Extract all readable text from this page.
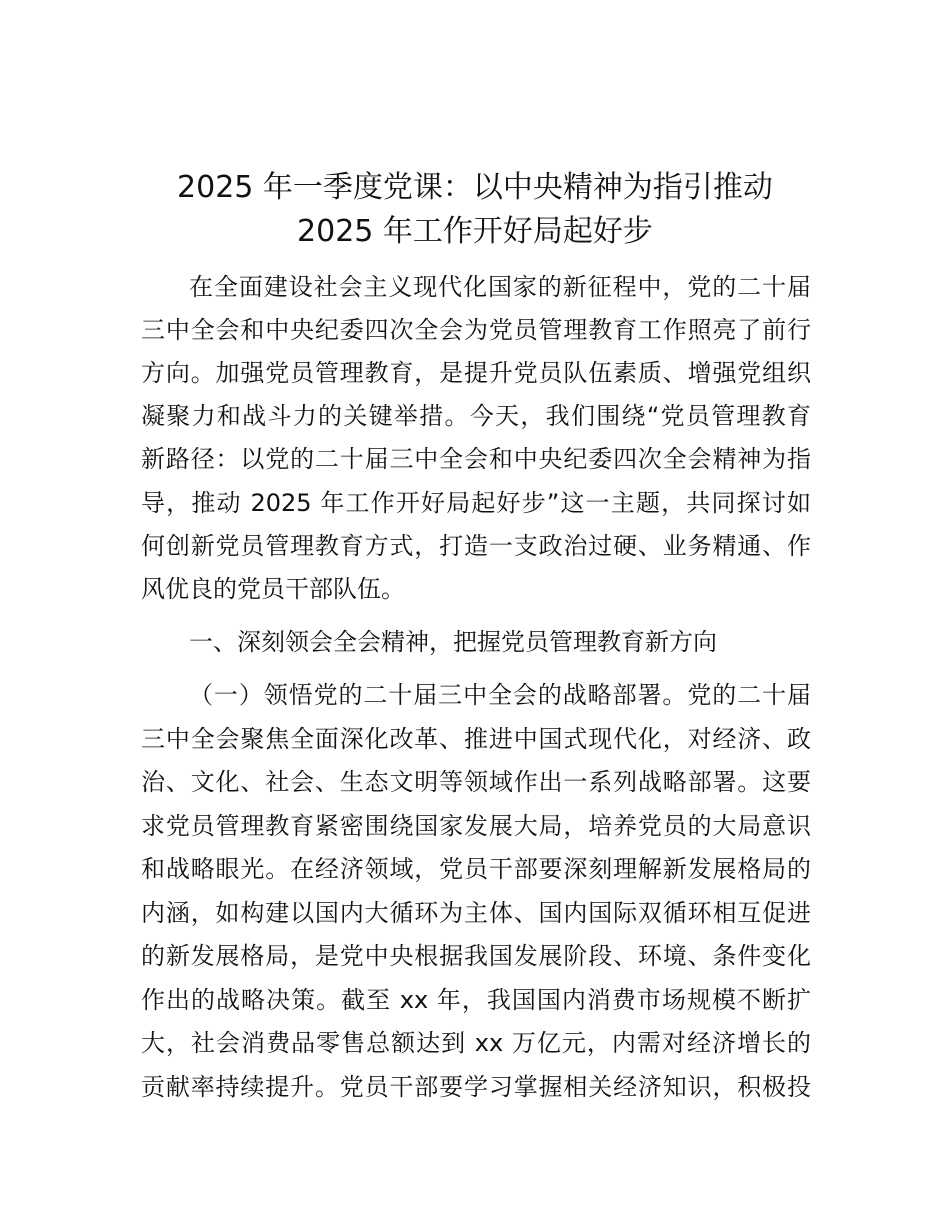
2025 年一季度党课：以中央精神为指引推动
2025 年工作开好局起好步
在全面建设社会主义现代化国家的新征程中，党的二十届
三中全会和中央纪委四次全会为党员管理教育工作照亮了前行
方向。加强党员管理教育，是提升党员队伍素质、增强党组织
凝聚力和战斗力的关键举措。今天，我们围绕“党员管理教育
新路径：以党的二十届三中全会和中央纪委四次全会精神为指
导，推动 2025 年工作开好局起好步”这一主题，共同探讨如
何创新党员管理教育方式，打造一支政治过硬、业务精通、作
风优良的党员干部队伍。
一、深刻领会全会精神，把握党员管理教育新方向
（一）领悟党的二十届三中全会的战略部署。党的二十届
三中全会聚焦全面深化改革、推进中国式现代化，对经济、政
治、文化、社会、生态文明等领域作出一系列战略部署。这要
求党员管理教育紧密围绕国家发展大局，培养党员的大局意识
和战略眼光。在经济领域，党员干部要深刻理解新发展格局的
内涵，如构建以国内大循环为主体、国内国际双循环相互促进
的新发展格局，是党中央根据我国发展阶段、环境、条件变化
作出的战略决策。截至 xx 年，我国国内消费市场规模不断扩
大，社会消费品零售总额达到 xx 万亿元，内需对经济增长的
贡献率持续提升。党员干部要学习掌握相关经济知识，积极投
